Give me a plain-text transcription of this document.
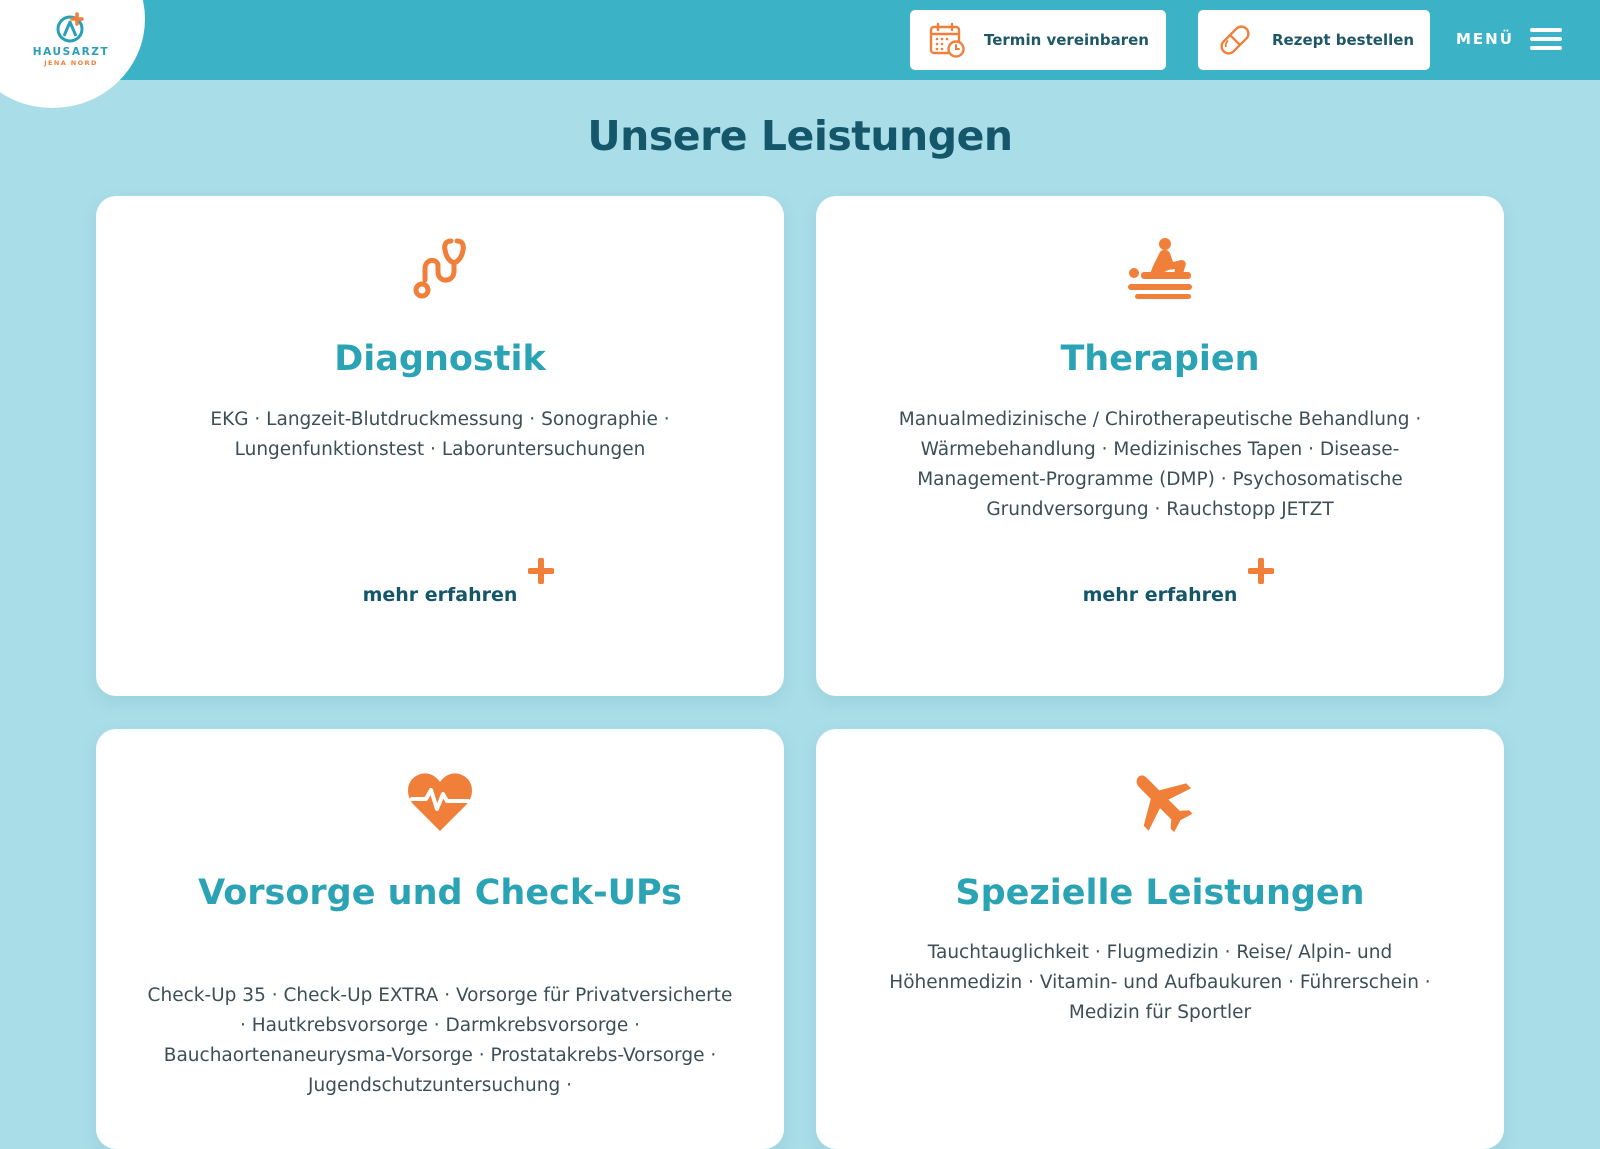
HAUSARZT
JENA NORD
Termin vereinbaren	Rezept bestellen	MENÜ
Unsere Leistungen
Diagnostik

EKG · Langzeit-Blutdruckmessung · Sonographie · Lungenfunktionstest · Laboruntersuchungen

mehr erfahren
Therapien

Manualmedizinische / Chirotherapeutische Behandlung · Wärmebehandlung · Medizinisches Tapen · Disease-Management-Programme (DMP) · Psychosomatische Grundversorgung · Rauchstopp JETZT

mehr erfahren
Vorsorge und Check-UPs

Check-Up 35 · Check-Up EXTRA · Vorsorge für Privatversicherte · Hautkrebsvorsorge · Darmkrebsvorsorge · Bauchaortenaneurysma-Vorsorge · Prostatakrebs-Vorsorge · Jugendschutzuntersuchung ·

Spezielle Leistungen

Tauchtauglichkeit · Flugmedizin · Reise/ Alpin- und Höhenmedizin · Vitamin- und Aufbaukuren · Führerschein · Medizin für Sportler
